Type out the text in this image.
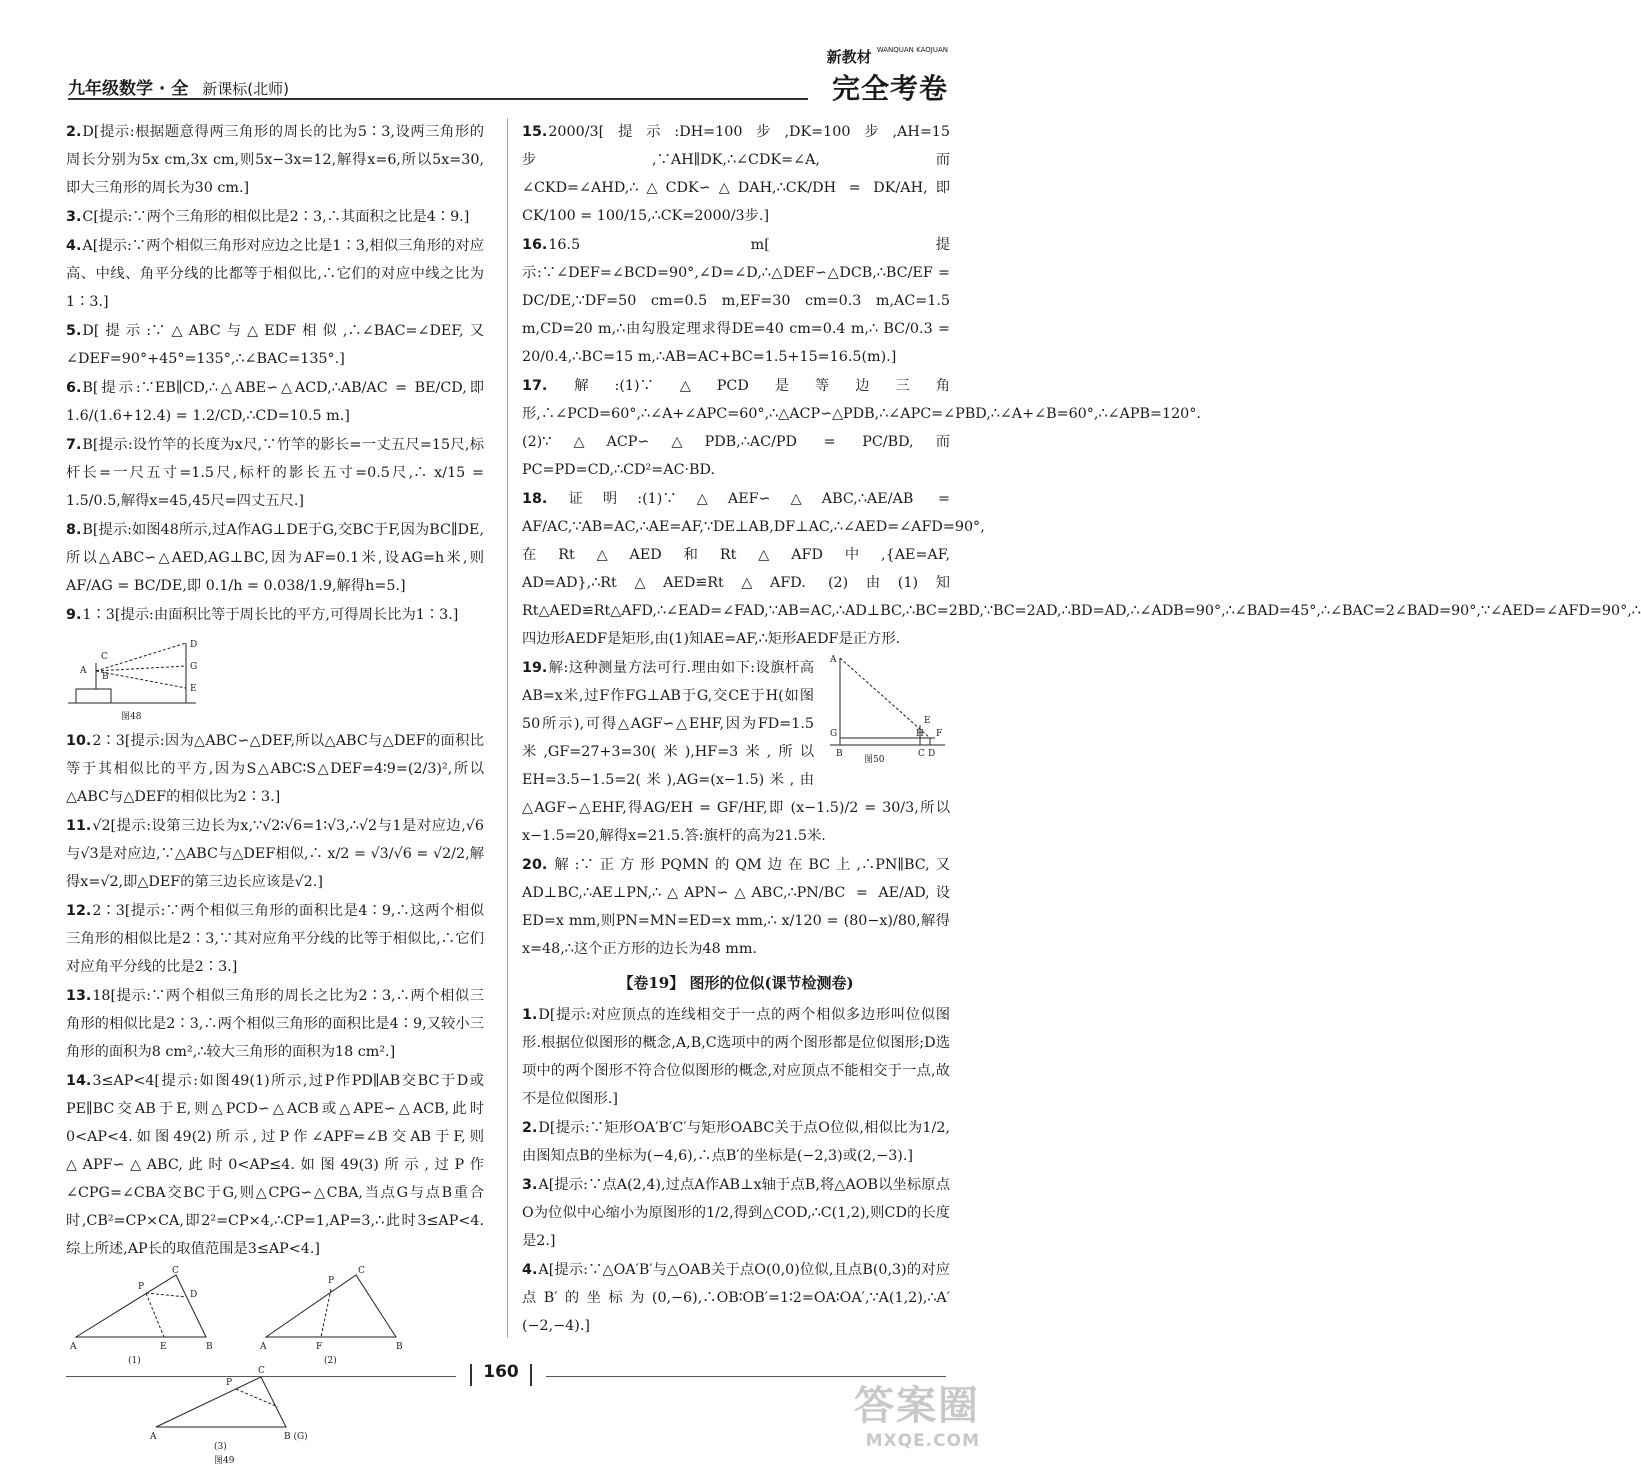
九年级数学 · 全 新课标(北师)
新教材 WANQUAN KAOJUAN
完全考卷

2.D[提示:根据题意得两三角形的周长的比为5∶3,设两三角形的周长分别为5x cm,3x cm,则5x−3x=12,解得x=6,所以5x=30,即大三角形的周长为30 cm.]

3.C[提示:∵两个三角形的相似比是2∶3,∴其面积之比是4∶9.]

4.A[提示:∵两个相似三角形对应边之比是1∶3,相似三角形的对应高、中线、角平分线的比都等于相似比,∴它们的对应中线之比为1∶3.]

5.D[提示:∵△ABC与△EDF相似,∴∠BAC=∠DEF,又∠DEF=90°+45°=135°,∴∠BAC=135°.]

6.B[提示:∵EB∥CD,∴△ABE∽△ACD,∴AB/AC = BE/CD,即 1.6/(1.6+12.4) = 1.2/CD,∴CD=10.5 m.]

7.B[提示:设竹竿的长度为x尺,∵竹竿的影长=一丈五尺=15尺,标杆长=一尺五寸=1.5尺,标杆的影长五寸=0.5尺,∴ x/15 = 1.5/0.5,解得x=45,45尺=四丈五尺.]

8.B[提示:如图48所示,过A作AG⊥DE于G,交BC于F,因为BC∥DE,所以△ABC∽△AED,AG⊥BC,因为AF=0.1米,设AG=h米,则AF/AG = BC/DE,即 0.1/h = 0.038/1.9,解得h=5.]

9.1∶3[提示:由面积比等于周长比的平方,可得周长比为1∶3.]

C
A
B
D
G
E
图48

10.2∶3[提示:因为△ABC∽△DEF,所以△ABC与△DEF的面积比等于其相似比的平方,因为S△ABC∶S△DEF=4∶9=(2/3)²,所以△ABC与△DEF的相似比为2∶3.]

11.√2[提示:设第三边长为x,∵√2∶√6=1∶√3,∴√2与1是对应边,√6与√3是对应边,∵△ABC与△DEF相似,∴ x/2 = √3/√6 = √2/2,解得x=√2,即△DEF的第三边长应该是√2.]

12.2∶3[提示:∵两个相似三角形的面积比是4∶9,∴这两个相似三角形的相似比是2∶3,∵其对应角平分线的比等于相似比,∴它们对应角平分线的比是2∶3.]

13.18[提示:∵两个相似三角形的周长之比为2∶3,∴两个相似三角形的相似比是2∶3,∴两个相似三角形的面积比是4∶9,又较小三角形的面积为8 cm²,∴较大三角形的面积为18 cm².]

14.3≤AP<4[提示:如图49(1)所示,过P作PD∥AB交BC于D或PE∥BC交AB于E,则△PCD∽△ACB或△APE∽△ACB,此时0<AP<4.如图49(2)所示,过P作∠APF=∠B交AB于F,则△APF∽△ABC,此时0<AP≤4.如图49(3)所示,过P作∠CPG=∠CBA交BC于G,则△CPG∽△CBA,当点G与点B重合时,CB²=CP×CA,即2²=CP×4,∴CP=1,AP=3,∴此时3≤AP<4.综上所述,AP长的取值范围是3≤AP<4.]

A
C
P
D
E	B	A
C
P
F	B
A
C
P
B (G)
(1)	(2)
(3)
图49

15.2000/3[提示:DH=100步,DK=100步,AH=15步,∵AH∥DK,∴∠CDK=∠A,而∠CKD=∠AHD,∴△CDK∽△DAH,∴CK/DH = DK/AH,即 CK/100 = 100/15,∴CK=2000/3步.]

16.16.5 m[提示:∵∠DEF=∠BCD=90°,∠D=∠D,∴△DEF∽△DCB,∴BC/EF = DC/DE,∵DF=50 cm=0.5 m,EF=30 cm=0.3 m,AC=1.5 m,CD=20 m,∴由勾股定理求得DE=40 cm=0.4 m,∴ BC/0.3 = 20/0.4,∴BC=15 m,∴AB=AC+BC=1.5+15=16.5(m).]

17.解:(1)∵△PCD是等边三角形,∴∠PCD=60°,∴∠A+∠APC=60°,∴△ACP∽△PDB,∴∠APC=∠PBD,∴∠A+∠B=60°,∴∠APB=120°. (2)∵△ACP∽△PDB,∴AC/PD = PC/BD,而PC=PD=CD,∴CD²=AC·BD.

18.证明:(1)∵△AEF∽△ABC,∴AE/AB = AF/AC,∵AB=AC,∴AE=AF,∵DE⊥AB,DF⊥AC,∴∠AED=∠AFD=90°,在Rt△AED和Rt△AFD中,{AE=AF, AD=AD},∴Rt△AED≌Rt△AFD. (2)由(1)知Rt△AED≌Rt△AFD,∴∠EAD=∠FAD,∵AB=AC,∴AD⊥BC,∴BC=2BD,∵BC=2AD,∴BD=AD,∴∠ADB=90°,∴∠BAD=45°,∴∠BAC=2∠BAD=90°,∵∠AED=∠AFD=90°,∴四边形AEDF是矩形,由(1)知AE=AF,∴矩形AEDF是正方形.

A
G	H
E
F
B	C D
图50
19.解:这种测量方法可行.理由如下:设旗杆高AB=x米,过F作FG⊥AB于G,交CE于H(如图50所示),可得△AGF∽△EHF,因为FD=1.5米,GF=27+3=30(米),HF=3米,所以EH=3.5−1.5=2(米),AG=(x−1.5)米,由△AGF∽△EHF,得AG/EH = GF/HF,即 (x−1.5)/2 = 30/3,所以x−1.5=20,解得x=21.5.答:旗杆的高为21.5米.

20.解:∵正方形PQMN的QM边在BC上,∴PN∥BC,又AD⊥BC,∴AE⊥PN,∴△APN∽△ABC,∴PN/BC = AE/AD,设ED=x mm,则PN=MN=ED=x mm,∴ x/120 = (80−x)/80,解得x=48,∴这个正方形的边长为48 mm.

【卷19】 图形的位似(课节检测卷)

1.D[提示:对应顶点的连线相交于一点的两个相似多边形叫位似图形.根据位似图形的概念,A,B,C选项中的两个图形都是位似图形;D选项中的两个图形不符合位似图形的概念,对应顶点不能相交于一点,故不是位似图形.]

2.D[提示:∵矩形OA′B′C′与矩形OABC关于点O位似,相似比为1/2,由图知点B的坐标为(−4,6),∴点B′的坐标是(−2,3)或(2,−3).]

3.A[提示:∵点A(2,4),过点A作AB⊥x轴于点B,将△AOB以坐标原点O为位似中心缩小为原图形的1/2,得到△COD,∴C(1,2),则CD的长度是2.]

4.A[提示:∵△OA′B′与△OAB关于点O(0,0)位似,且点B(0,3)的对应点B′的坐标为(0,−6),∴OB∶OB′=1∶2=OA∶OA′,∵A(1,2),∴A′(−2,−4).]

160
答案圈
MXQE.COM
